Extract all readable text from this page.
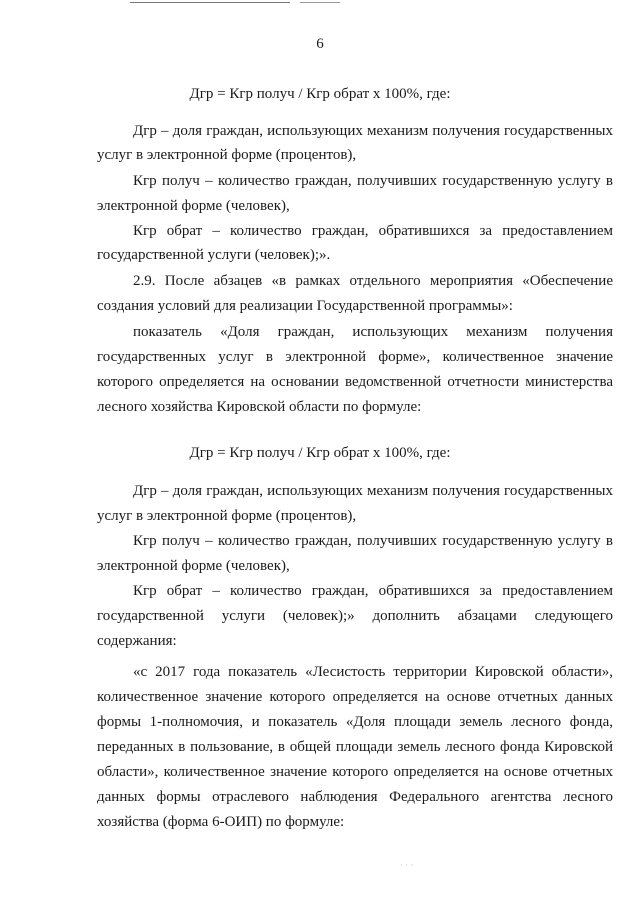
6
Дгр = Кгр получ / Кгр обрат х 100%, где:
Дгр – доля граждан, использующих механизм получения государственных
услуг в электронной форме (процентов),
Кгр получ – количество граждан, получивших государственную услугу в
электронной форме (человек),
Кгр обрат – количество граждан, обратившихся за предоставлением
государственной услуги (человек);».
2.9. После абзацев «в рамках отдельного мероприятия «Обеспечение
создания условий для реализации Государственной программы»:
показатель «Доля граждан, использующих механизм получения
государственных услуг в электронной форме», количественное значение
которого определяется на основании ведомственной отчетности министерства
лесного хозяйства Кировской области по формуле:
Дгр = Кгр получ / Кгр обрат х 100%, где:
Дгр – доля граждан, использующих механизм получения государственных
услуг в электронной форме (процентов),
Кгр получ – количество граждан, получивших государственную услугу в
электронной форме (человек),
Кгр обрат – количество граждан, обратившихся за предоставлением
государственной услуги (человек);» дополнить абзацами следующего
содержания:
«с 2017 года показатель «Лесистость территории Кировской области»,
количественное значение которого определяется на основе отчетных данных
формы 1-полномочия, и показатель «Доля площади земель лесного фонда,
переданных в пользование, в общей площади земель лесного фонда Кировской
области», количественное значение которого определяется на основе отчетных
данных формы отраслевого наблюдения Федерального агентства лесного
хозяйства (форма 6-ОИП) по формуле:
· · ·
